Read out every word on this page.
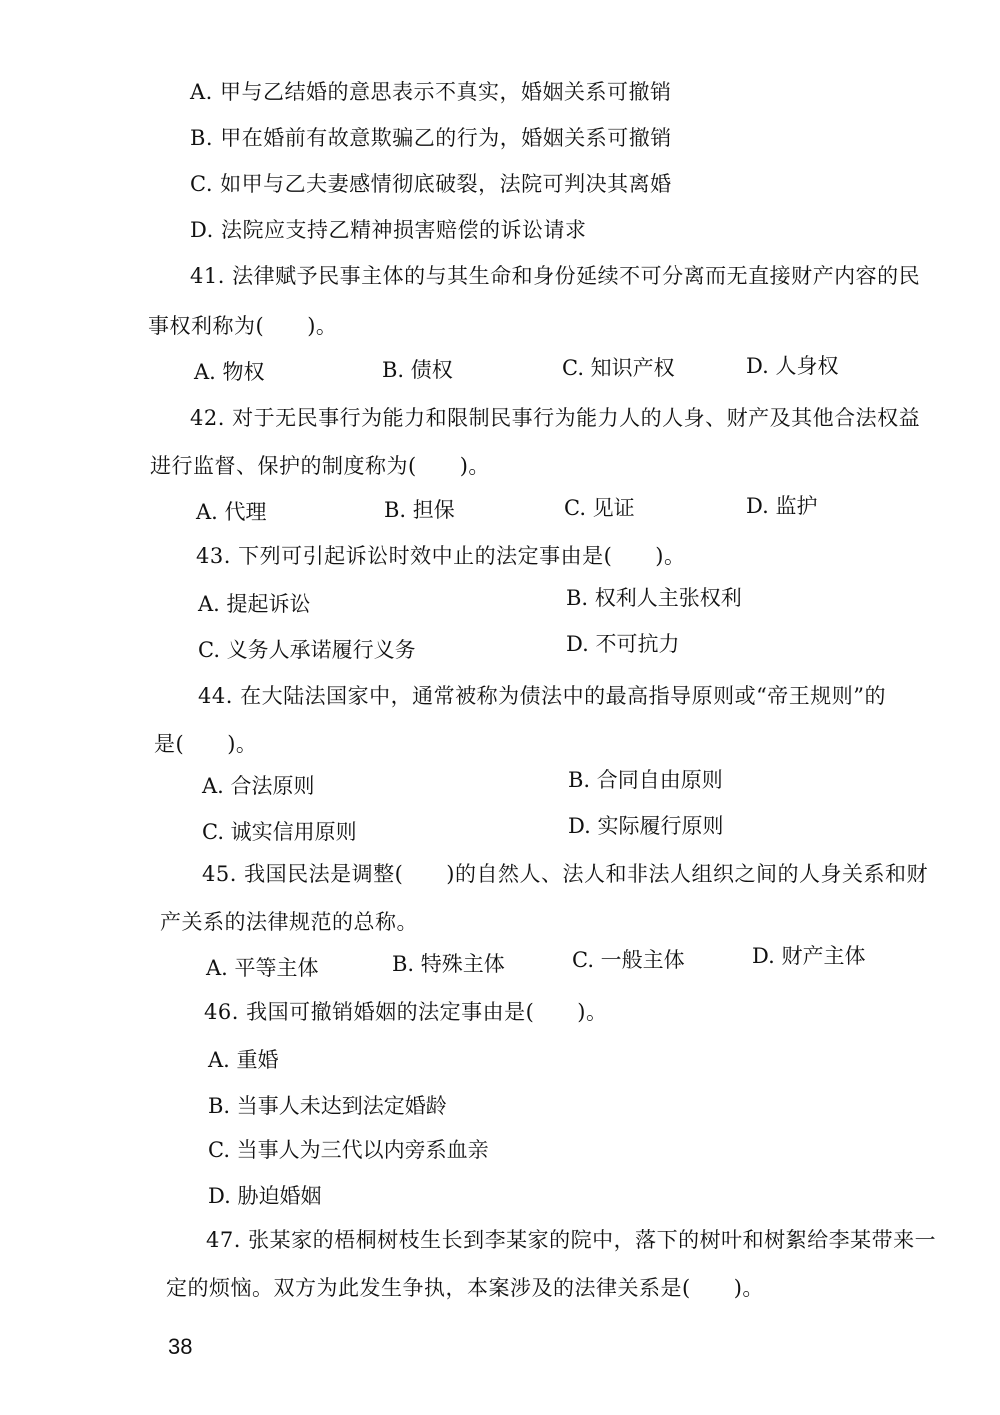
A. 甲与乙结婚的意思表示不真实，婚姻关系可撤销
B. 甲在婚前有故意欺骗乙的行为，婚姻关系可撤销
C. 如甲与乙夫妻感情彻底破裂，法院可判决其离婚
D. 法院应支持乙精神损害赔偿的诉讼请求
41. 法律赋予民事主体的与其生命和身份延续不可分离而无直接财产内容的民
事权利称为(　　)。
A. 物权	B. 债权	C. 知识产权	D. 人身权
42. 对于无民事行为能力和限制民事行为能力人的人身、财产及其他合法权益
进行监督、保护的制度称为(　　)。
A. 代理	B. 担保	C. 见证	D. 监护
43. 下列可引起诉讼时效中止的法定事由是(　　)。
A. 提起诉讼	B. 权利人主张权利
C. 义务人承诺履行义务	D. 不可抗力
44. 在大陆法国家中，通常被称为债法中的最高指导原则或“帝王规则”的
是(　　)。
A. 合法原则	B. 合同自由原则
C. 诚实信用原则	D. 实际履行原则
45. 我国民法是调整(　　)的自然人、法人和非法人组织之间的人身关系和财
产关系的法律规范的总称。
A. 平等主体	B. 特殊主体	C. 一般主体	D. 财产主体
46. 我国可撤销婚姻的法定事由是(　　)。
A. 重婚
B. 当事人未达到法定婚龄
C. 当事人为三代以内旁系血亲
D. 胁迫婚姻
47. 张某家的梧桐树枝生长到李某家的院中，落下的树叶和树絮给李某带来一
定的烦恼。双方为此发生争执，本案涉及的法律关系是(　　)。
38
